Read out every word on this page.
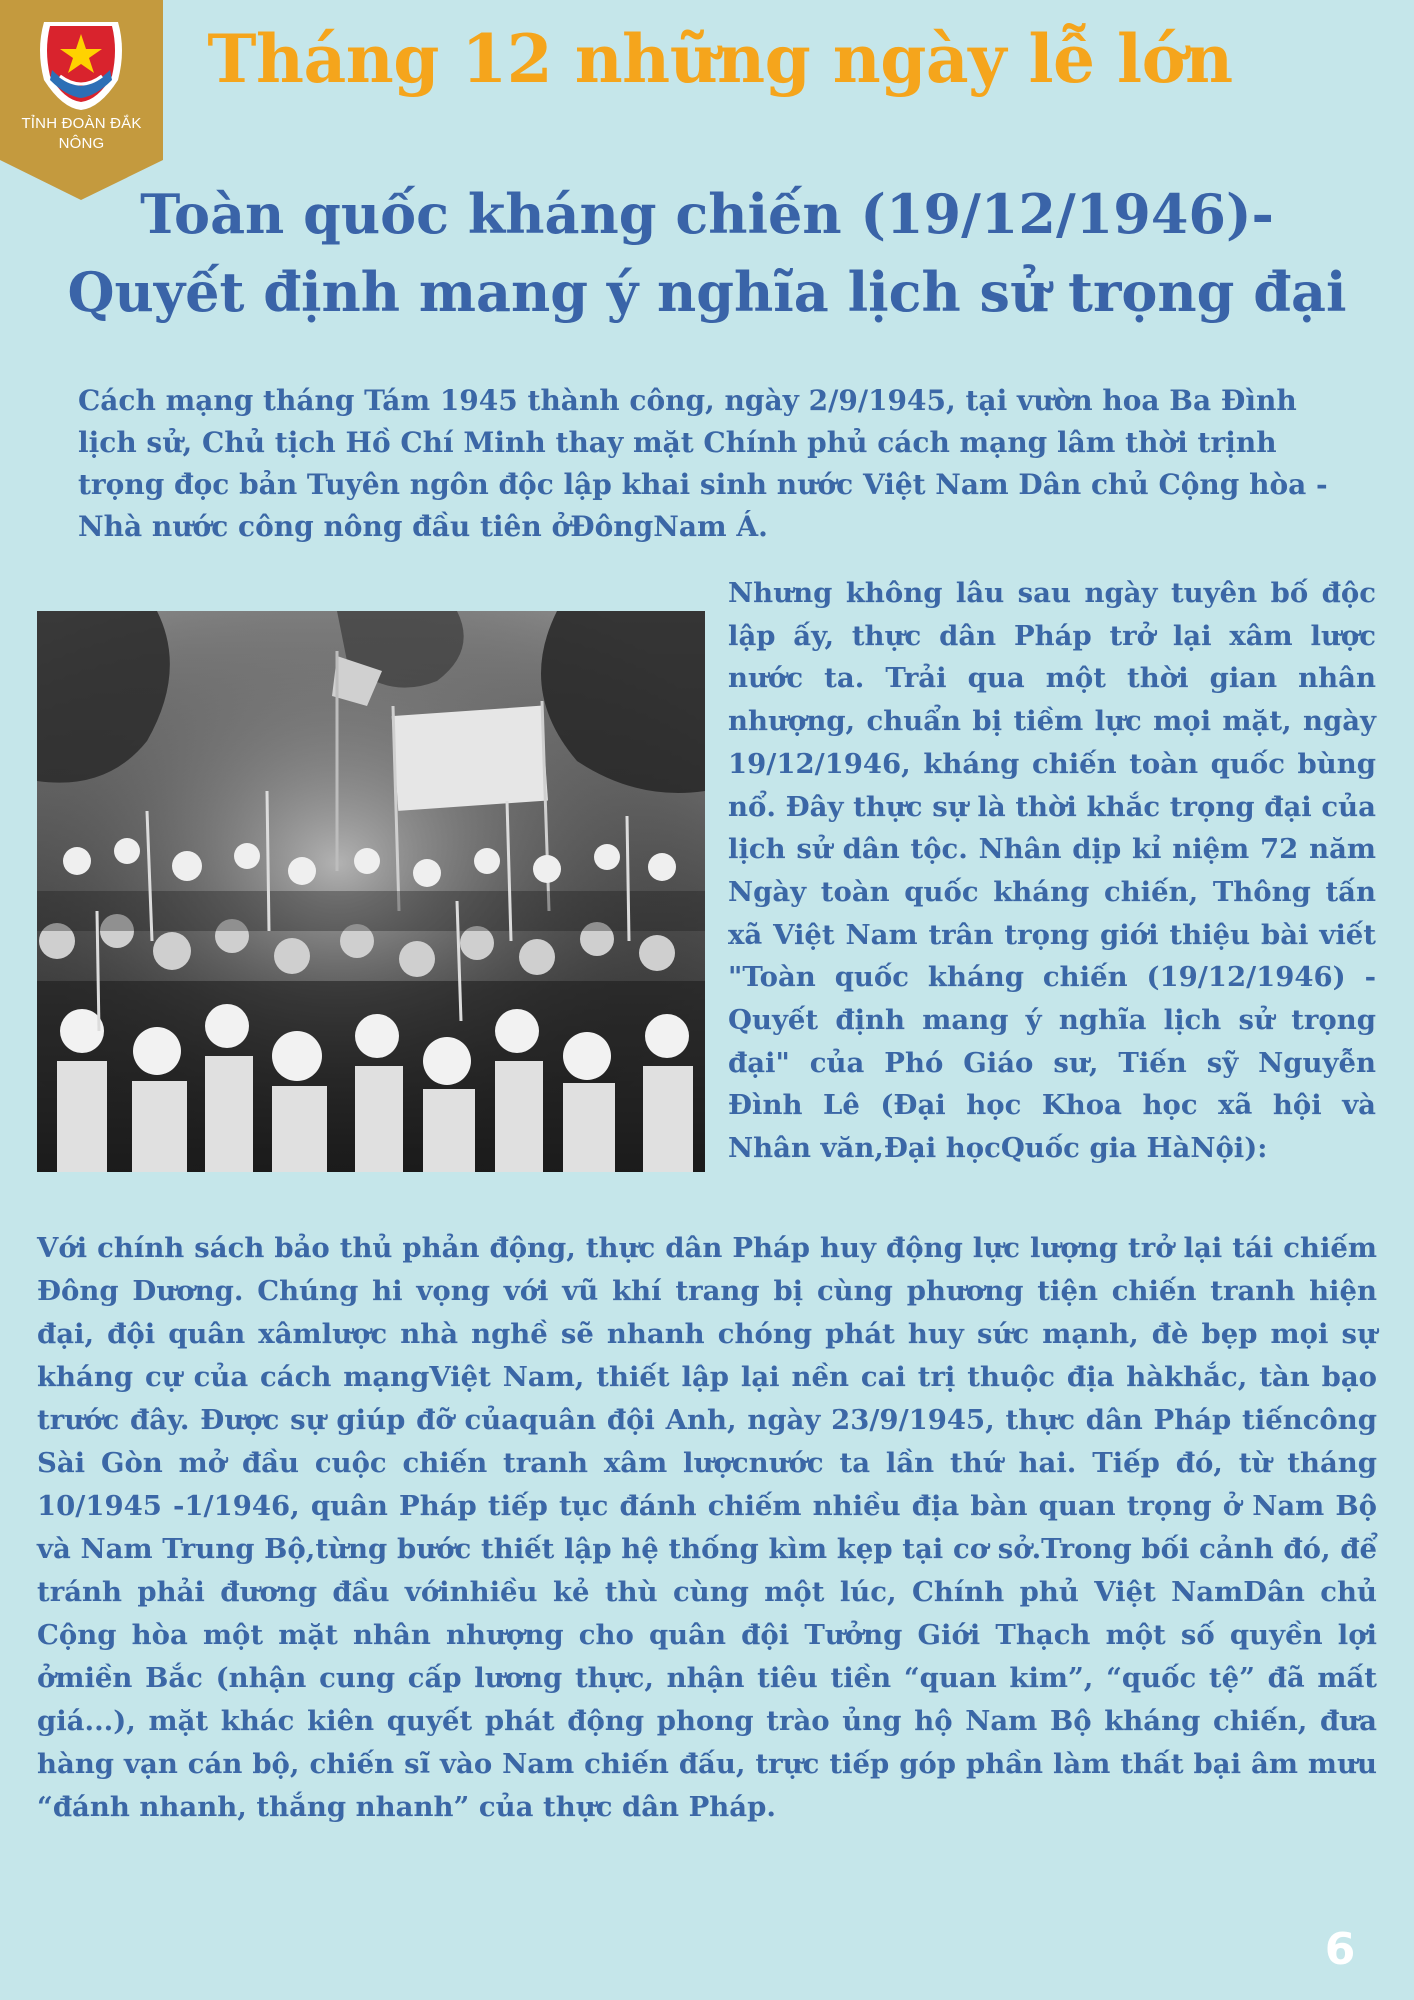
TỈNH ĐOÀN ĐẮK NÔNG
Tháng 12 những ngày lễ lớn
Toàn quốc kháng chiến (19/12/1946)-
Quyết định mang ý nghĩa lịch sử trọng đại
Cách mạng tháng Tám 1945 thành công, ngày 2/9/1945, tại vườn hoa Ba Đình lịch sử, Chủ tịch Hồ Chí Minh thay mặt Chính phủ cách mạng lâm thời trịnh trọng đọc bản Tuyên ngôn độc lập khai sinh nước Việt Nam Dân chủ Cộng hòa - Nhà nước công nông đầu tiên ởĐôngNam Á.
Nhưng không lâu sau ngày tuyên bố độc lập ấy, thực dân Pháp trở lại xâm lược nước ta. Trải qua một thời gian nhân nhượng, chuẩn bị tiềm lực mọi mặt, ngày 19/12/1946, kháng chiến toàn quốc bùng nổ. Đây thực sự là thời khắc trọng đại của lịch sử dân tộc. Nhân dịp kỉ niệm 72 năm Ngày toàn quốc kháng chiến, Thông tấn xã Việt Nam trân trọng giới thiệu bài viết "Toàn quốc kháng chiến (19/12/1946) - Quyết định mang ý nghĩa lịch sử trọng đại" của Phó Giáo sư, Tiến sỹ Nguyễn Đình Lê (Đại học Khoa học xã hội và Nhân văn,Đại họcQuốc gia HàNội):
Với chính sách bảo thủ phản động, thực dân Pháp huy động lực lượng trở lại tái chiếm Đông Dương. Chúng hi vọng với vũ khí trang bị cùng phương tiện chiến tranh hiện đại, đội quân xâmlược nhà nghề sẽ nhanh chóng phát huy sức mạnh, đè bẹp mọi sự kháng cự của cách mạngViệt Nam, thiết lập lại nền cai trị thuộc địa hàkhắc, tàn bạo trước đây. Được sự giúp đỡ củaquân đội Anh, ngày 23/9/1945, thực dân Pháp tiếncông Sài Gòn mở đầu cuộc chiến tranh xâm lượcnước ta lần thứ hai. Tiếp đó, từ tháng 10/1945 -1/1946, quân Pháp tiếp tục đánh chiếm nhiều địa bàn quan trọng ở Nam Bộ và Nam Trung Bộ,từng bước thiết lập hệ thống kìm kẹp tại cơ sở.Trong bối cảnh đó, để tránh phải đương đầu vớinhiều kẻ thù cùng một lúc, Chính phủ Việt NamDân chủ Cộng hòa một mặt nhân nhượng cho quân đội Tưởng Giới Thạch một số quyền lợi ởmiền Bắc (nhận cung cấp lương thực, nhận tiêu tiền “quan kim”, “quốc tệ” đã mất giá...), mặt khác kiên quyết phát động phong trào ủng hộ Nam Bộ kháng chiến, đưa hàng vạn cán bộ, chiến sĩ vào Nam chiến đấu, trực tiếp góp phần làm thất bại âm mưu “đánh nhanh, thắng nhanh” của thực dân Pháp.
6
